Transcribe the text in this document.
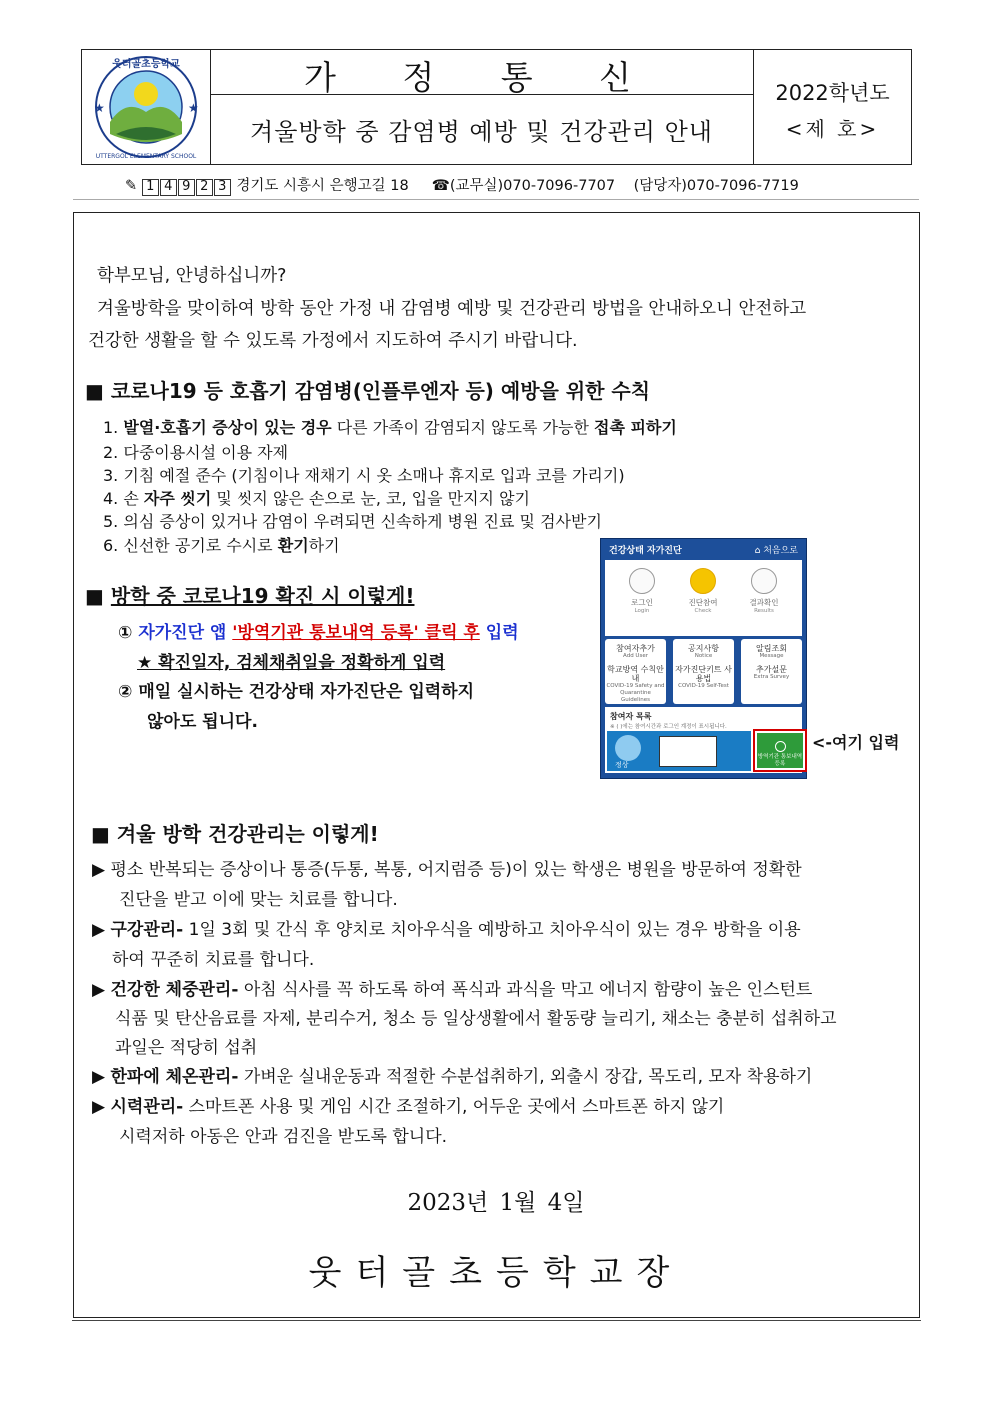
★	★
웃터골초등학교
UTTERGOL ELEMENTARY SCHOOL
가 정 통 신
겨울방학 중 감염병 예방 및 건강관리 안내
2022학년도
<제 호>
✎ 1 4 9 2 3 경기도 시흥시 은행고길 18 ☎(교무실)070-7096-7707 (담당자)070-7096-7719
학부모님, 안녕하십니까?
겨울방학을 맞이하여 방학 동안 가정 내 감염병 예방 및 건강관리 방법을 안내하오니 안전하고
건강한 생활을 할 수 있도록 가정에서 지도하여 주시기 바랍니다.
■ 코로나19 등 호흡기 감염병(인플루엔자 등) 예방을 위한 수칙
1. 발열·호흡기 증상이 있는 경우 다른 가족이 감염되지 않도록 가능한 접촉 피하기
2. 다중이용시설 이용 자제
3. 기침 예절 준수 (기침이나 재채기 시 옷 소매나 휴지로 입과 코를 가리기)
4. 손 자주 씻기 및 씻지 않은 손으로 눈, 코, 입을 만지지 않기
5. 의심 증상이 있거나 감염이 우려되면 신속하게 병원 진료 및 검사받기
6. 신선한 공기로 수시로 환기하기
■ 방학 중 코로나19 확진 시 이렇게!
① 자가진단 앱 '방역기관 통보내역 등록' 클릭 후 입력
★ 확진일자, 검체채취일을 정확하게 입력
② 매일 실시하는 건강상태 자가진단은 입력하지
않아도 됩니다.
건강상태 자가진단	⌂ 처음으로
로그인
Login
진단참여
Check
결과확인
Results
참여자추가
Add User
공지사항
Notice
알림조회
Message
학교방역 수칙안내
COVID-19 Safety and Quarantine Guidelines
자가진단키트 사용법
COVID-19 Self-Test
추가설문
Extra Survey
참여자 목록
※ ( )에는 참여시간과 로그인 계정이 표시됩니다.
정상
방역기관 통보내역 등록
<-여기 입력
■ 겨울 방학 건강관리는 이렇게!
▶ 평소 반복되는 증상이나 통증(두통, 복통, 어지럼증 등)이 있는 학생은 병원을 방문하여 정확한
진단을 받고 이에 맞는 치료를 합니다.
▶ 구강관리- 1일 3회 및 간식 후 양치로 치아우식을 예방하고 치아우식이 있는 경우 방학을 이용
하여 꾸준히 치료를 합니다.
▶ 건강한 체중관리- 아침 식사를 꼭 하도록 하여 폭식과 과식을 막고 에너지 함량이 높은 인스턴트
식품 및 탄산음료를 자제, 분리수거, 청소 등 일상생활에서 활동량 늘리기, 채소는 충분히 섭취하고
과일은 적당히 섭취
▶ 한파에 체온관리- 가벼운 실내운동과 적절한 수분섭취하기, 외출시 장갑, 목도리, 모자 착용하기
▶ 시력관리- 스마트폰 사용 및 게임 시간 조절하기, 어두운 곳에서 스마트폰 하지 않기
시력저하 아동은 안과 검진을 받도록 합니다.
2023년 1월 4일
웃터골초등학교장
